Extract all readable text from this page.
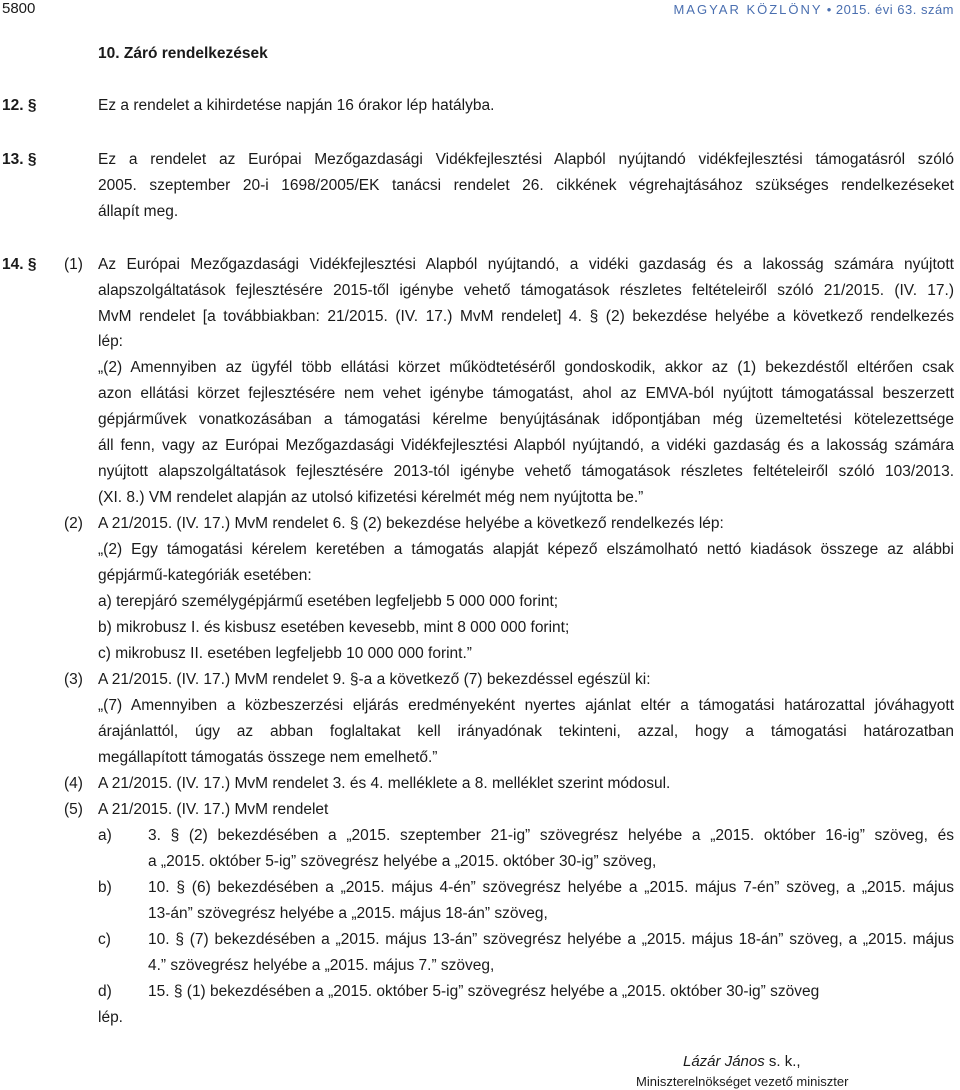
5800	MAGYAR KÖZLÖNY • 2015. évi 63. szám
10. Záró rendelkezések
12. §	Ez a rendelet a kihirdetése napján 16 órakor lép hatályba.
13. §	Ez a rendelet az Európai Mezőgazdasági Vidékfejlesztési Alapból nyújtandó vidékfejlesztési támogatásról szóló
2005. szeptember 20-i 1698/2005/EK tanácsi rendelet 26. cikkének végrehajtásához szükséges rendelkezéseket
állapít meg.
14. § (1) Az Európai Mezőgazdasági Vidékfejlesztési Alapból nyújtandó, a vidéki gazdaság és a lakosság számára nyújtott
alapszolgáltatások fejlesztésére 2015-től igénybe vehető támogatások részletes feltételeiről szóló 21/2015. (IV. 17.)
MvM rendelet [a továbbiakban: 21/2015. (IV. 17.) MvM rendelet] 4. § (2) bekezdése helyébe a következő rendelkezés
lép:
„(2) Amennyiben az ügyfél több ellátási körzet működtetéséről gondoskodik, akkor az (1) bekezdéstől eltérően csak
azon ellátási körzet fejlesztésére nem vehet igénybe támogatást, ahol az EMVA-ból nyújtott támogatással beszerzett
gépjárművek vonatkozásában a támogatási kérelme benyújtásának időpontjában még üzemeltetési kötelezettsége
áll fenn, vagy az Európai Mezőgazdasági Vidékfejlesztési Alapból nyújtandó, a vidéki gazdaság és a lakosság számára
nyújtott alapszolgáltatások fejlesztésére 2013-tól igénybe vehető támogatások részletes feltételeiről szóló 103/2013.
(XI. 8.) VM rendelet alapján az utolsó kifizetési kérelmét még nem nyújtotta be.”
(2) A 21/2015. (IV. 17.) MvM rendelet 6. § (2) bekezdése helyébe a következő rendelkezés lép:
„(2) Egy támogatási kérelem keretében a támogatás alapját képező elszámolható nettó kiadások összege az alábbi
gépjármű-kategóriák esetében:
a) terepjáró személygépjármű esetében legfeljebb 5 000 000 forint;
b) mikrobusz I. és kisbusz esetében kevesebb, mint 8 000 000 forint;
c) mikrobusz II. esetében legfeljebb 10 000 000 forint.”
(3) A 21/2015. (IV. 17.) MvM rendelet 9. §-a a következő (7) bekezdéssel egészül ki:
„(7) Amennyiben a közbeszerzési eljárás eredményeként nyertes ajánlat eltér a támogatási határozattal jóváhagyott
árajánlattól, úgy az abban foglaltakat kell irányadónak tekinteni, azzal, hogy a támogatási határozatban
megállapított támogatás összege nem emelhető.”
(4) A 21/2015. (IV. 17.) MvM rendelet 3. és 4. melléklete a 8. melléklet szerint módosul.
(5) A 21/2015. (IV. 17.) MvM rendelet
a) 3. § (2) bekezdésében a „2015. szeptember 21-ig” szövegrész helyébe a „2015. október 16-ig” szöveg, és
a „2015. október 5-ig” szövegrész helyébe a „2015. október 30-ig” szöveg,
b) 10. § (6) bekezdésében a „2015. május 4-én” szövegrész helyébe a „2015. május 7-én” szöveg, a „2015. május
13-án” szövegrész helyébe a „2015. május 18-án” szöveg,
c) 10. § (7) bekezdésében a „2015. május 13-án” szövegrész helyébe a „2015. május 18-án” szöveg, a „2015. május
4.” szövegrész helyébe a „2015. május 7.” szöveg,
d) 15. § (1) bekezdésében a „2015. október 5-ig” szövegrész helyébe a „2015. október 30-ig” szöveg
lép.
Lázár János s. k.,
Miniszterelnökséget vezető miniszter
